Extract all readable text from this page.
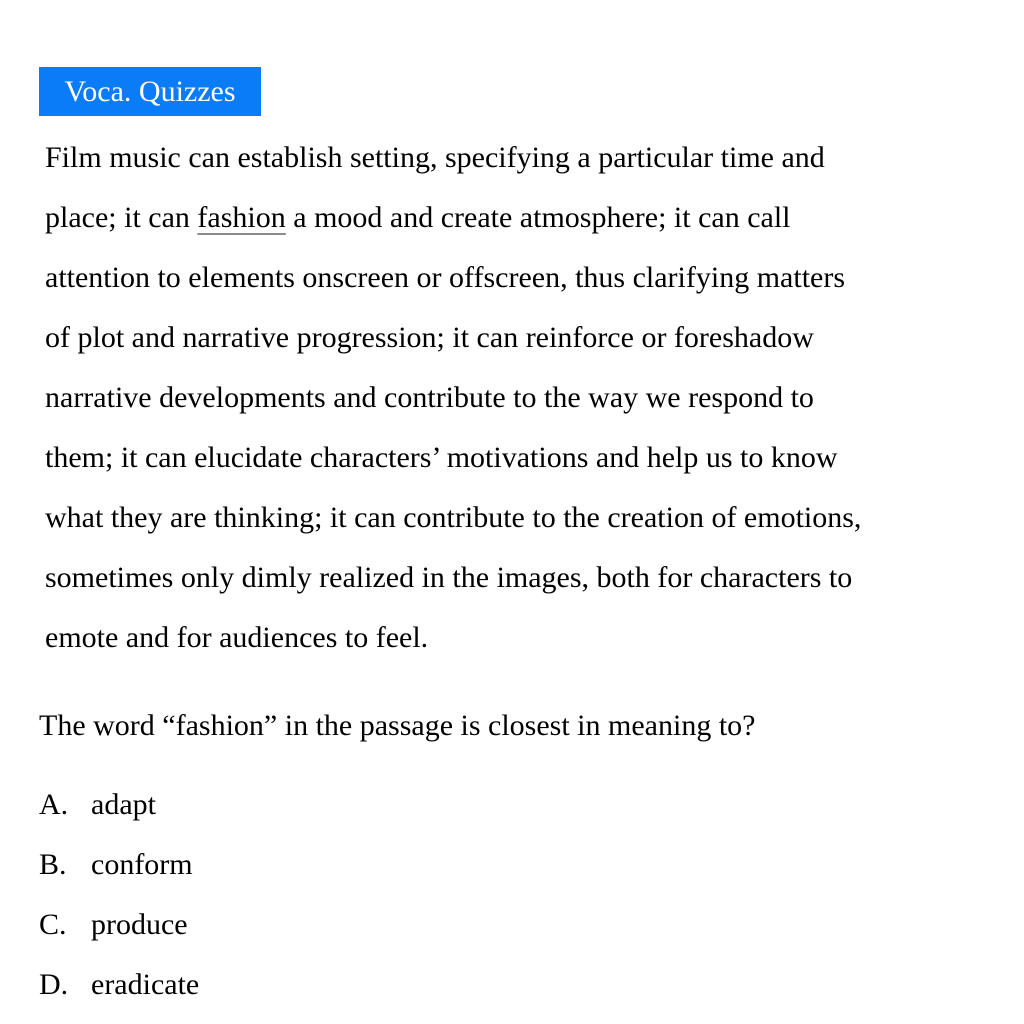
Voca. Quizzes
Film music can establish setting, specifying a particular time and
place; it can fashion a mood and create atmosphere; it can call
attention to elements onscreen or offscreen, thus clarifying matters
of plot and narrative progression; it can reinforce or foreshadow
narrative developments and contribute to the way we respond to
them; it can elucidate characters’ motivations and help us to know
what they are thinking; it can contribute to the creation of emotions,
sometimes only dimly realized in the images, both for characters to
emote and for audiences to feel.
The word “fashion” in the passage is closest in meaning to?
A. adapt
B. conform
C. produce
D. eradicate
